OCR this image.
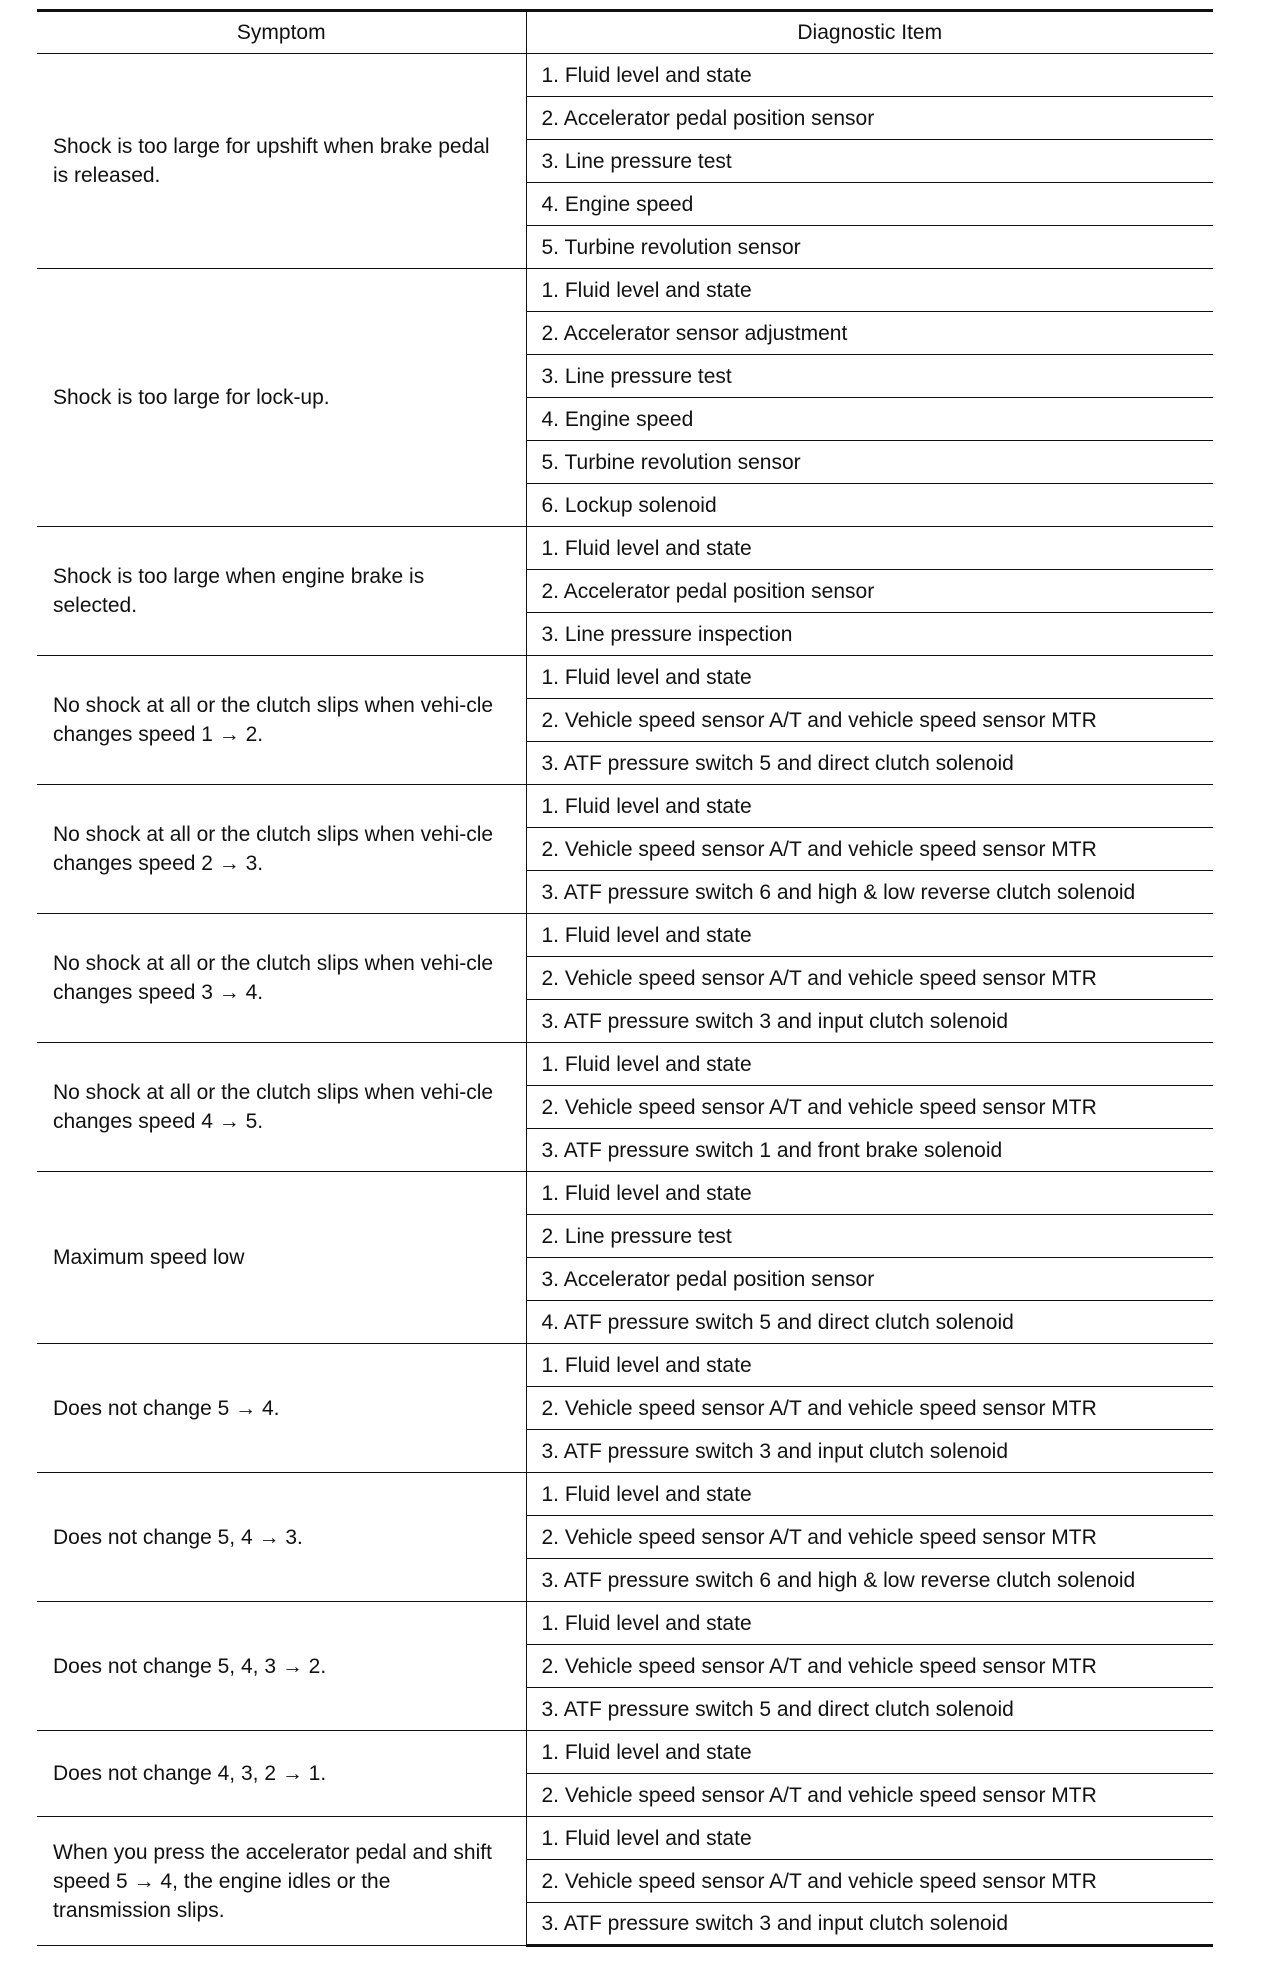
Symptom	Diagnostic Item
Shock is too large for upshift when brake pedal is released.	1. Fluid level and state
	2. Accelerator pedal position sensor
	3. Line pressure test
	4. Engine speed
	5. Turbine revolution sensor
Shock is too large for lock-up.	1. Fluid level and state
	2. Accelerator sensor adjustment
	3. Line pressure test
	4. Engine speed
	5. Turbine revolution sensor
	6. Lockup solenoid
Shock is too large when engine brake is selected.	1. Fluid level and state
	2. Accelerator pedal position sensor
	3. Line pressure inspection
No shock at all or the clutch slips when vehi-cle changes speed 1 → 2.	1. Fluid level and state
	2. Vehicle speed sensor A/T and vehicle speed sensor MTR
	3. ATF pressure switch 5 and direct clutch solenoid
No shock at all or the clutch slips when vehi-cle changes speed 2 → 3.	1. Fluid level and state
	2. Vehicle speed sensor A/T and vehicle speed sensor MTR
	3. ATF pressure switch 6 and high & low reverse clutch solenoid
No shock at all or the clutch slips when vehi-cle changes speed 3 → 4.	1. Fluid level and state
	2. Vehicle speed sensor A/T and vehicle speed sensor MTR
	3. ATF pressure switch 3 and input clutch solenoid
No shock at all or the clutch slips when vehi-cle changes speed 4 → 5.	1. Fluid level and state
	2. Vehicle speed sensor A/T and vehicle speed sensor MTR
	3. ATF pressure switch 1 and front brake solenoid
Maximum speed low	1. Fluid level and state
	2. Line pressure test
	3. Accelerator pedal position sensor
	4. ATF pressure switch 5 and direct clutch solenoid
Does not change 5 → 4.	1. Fluid level and state
	2. Vehicle speed sensor A/T and vehicle speed sensor MTR
	3. ATF pressure switch 3 and input clutch solenoid
Does not change 5, 4 → 3.	1. Fluid level and state
	2. Vehicle speed sensor A/T and vehicle speed sensor MTR
	3. ATF pressure switch 6 and high & low reverse clutch solenoid
Does not change 5, 4, 3 → 2.	1. Fluid level and state
	2. Vehicle speed sensor A/T and vehicle speed sensor MTR
	3. ATF pressure switch 5 and direct clutch solenoid
Does not change 4, 3, 2 → 1.	1. Fluid level and state
	2. Vehicle speed sensor A/T and vehicle speed sensor MTR
When you press the accelerator pedal and shift speed 5 → 4, the engine idles or the transmission slips.	1. Fluid level and state
	2. Vehicle speed sensor A/T and vehicle speed sensor MTR
	3. ATF pressure switch 3 and input clutch solenoid
